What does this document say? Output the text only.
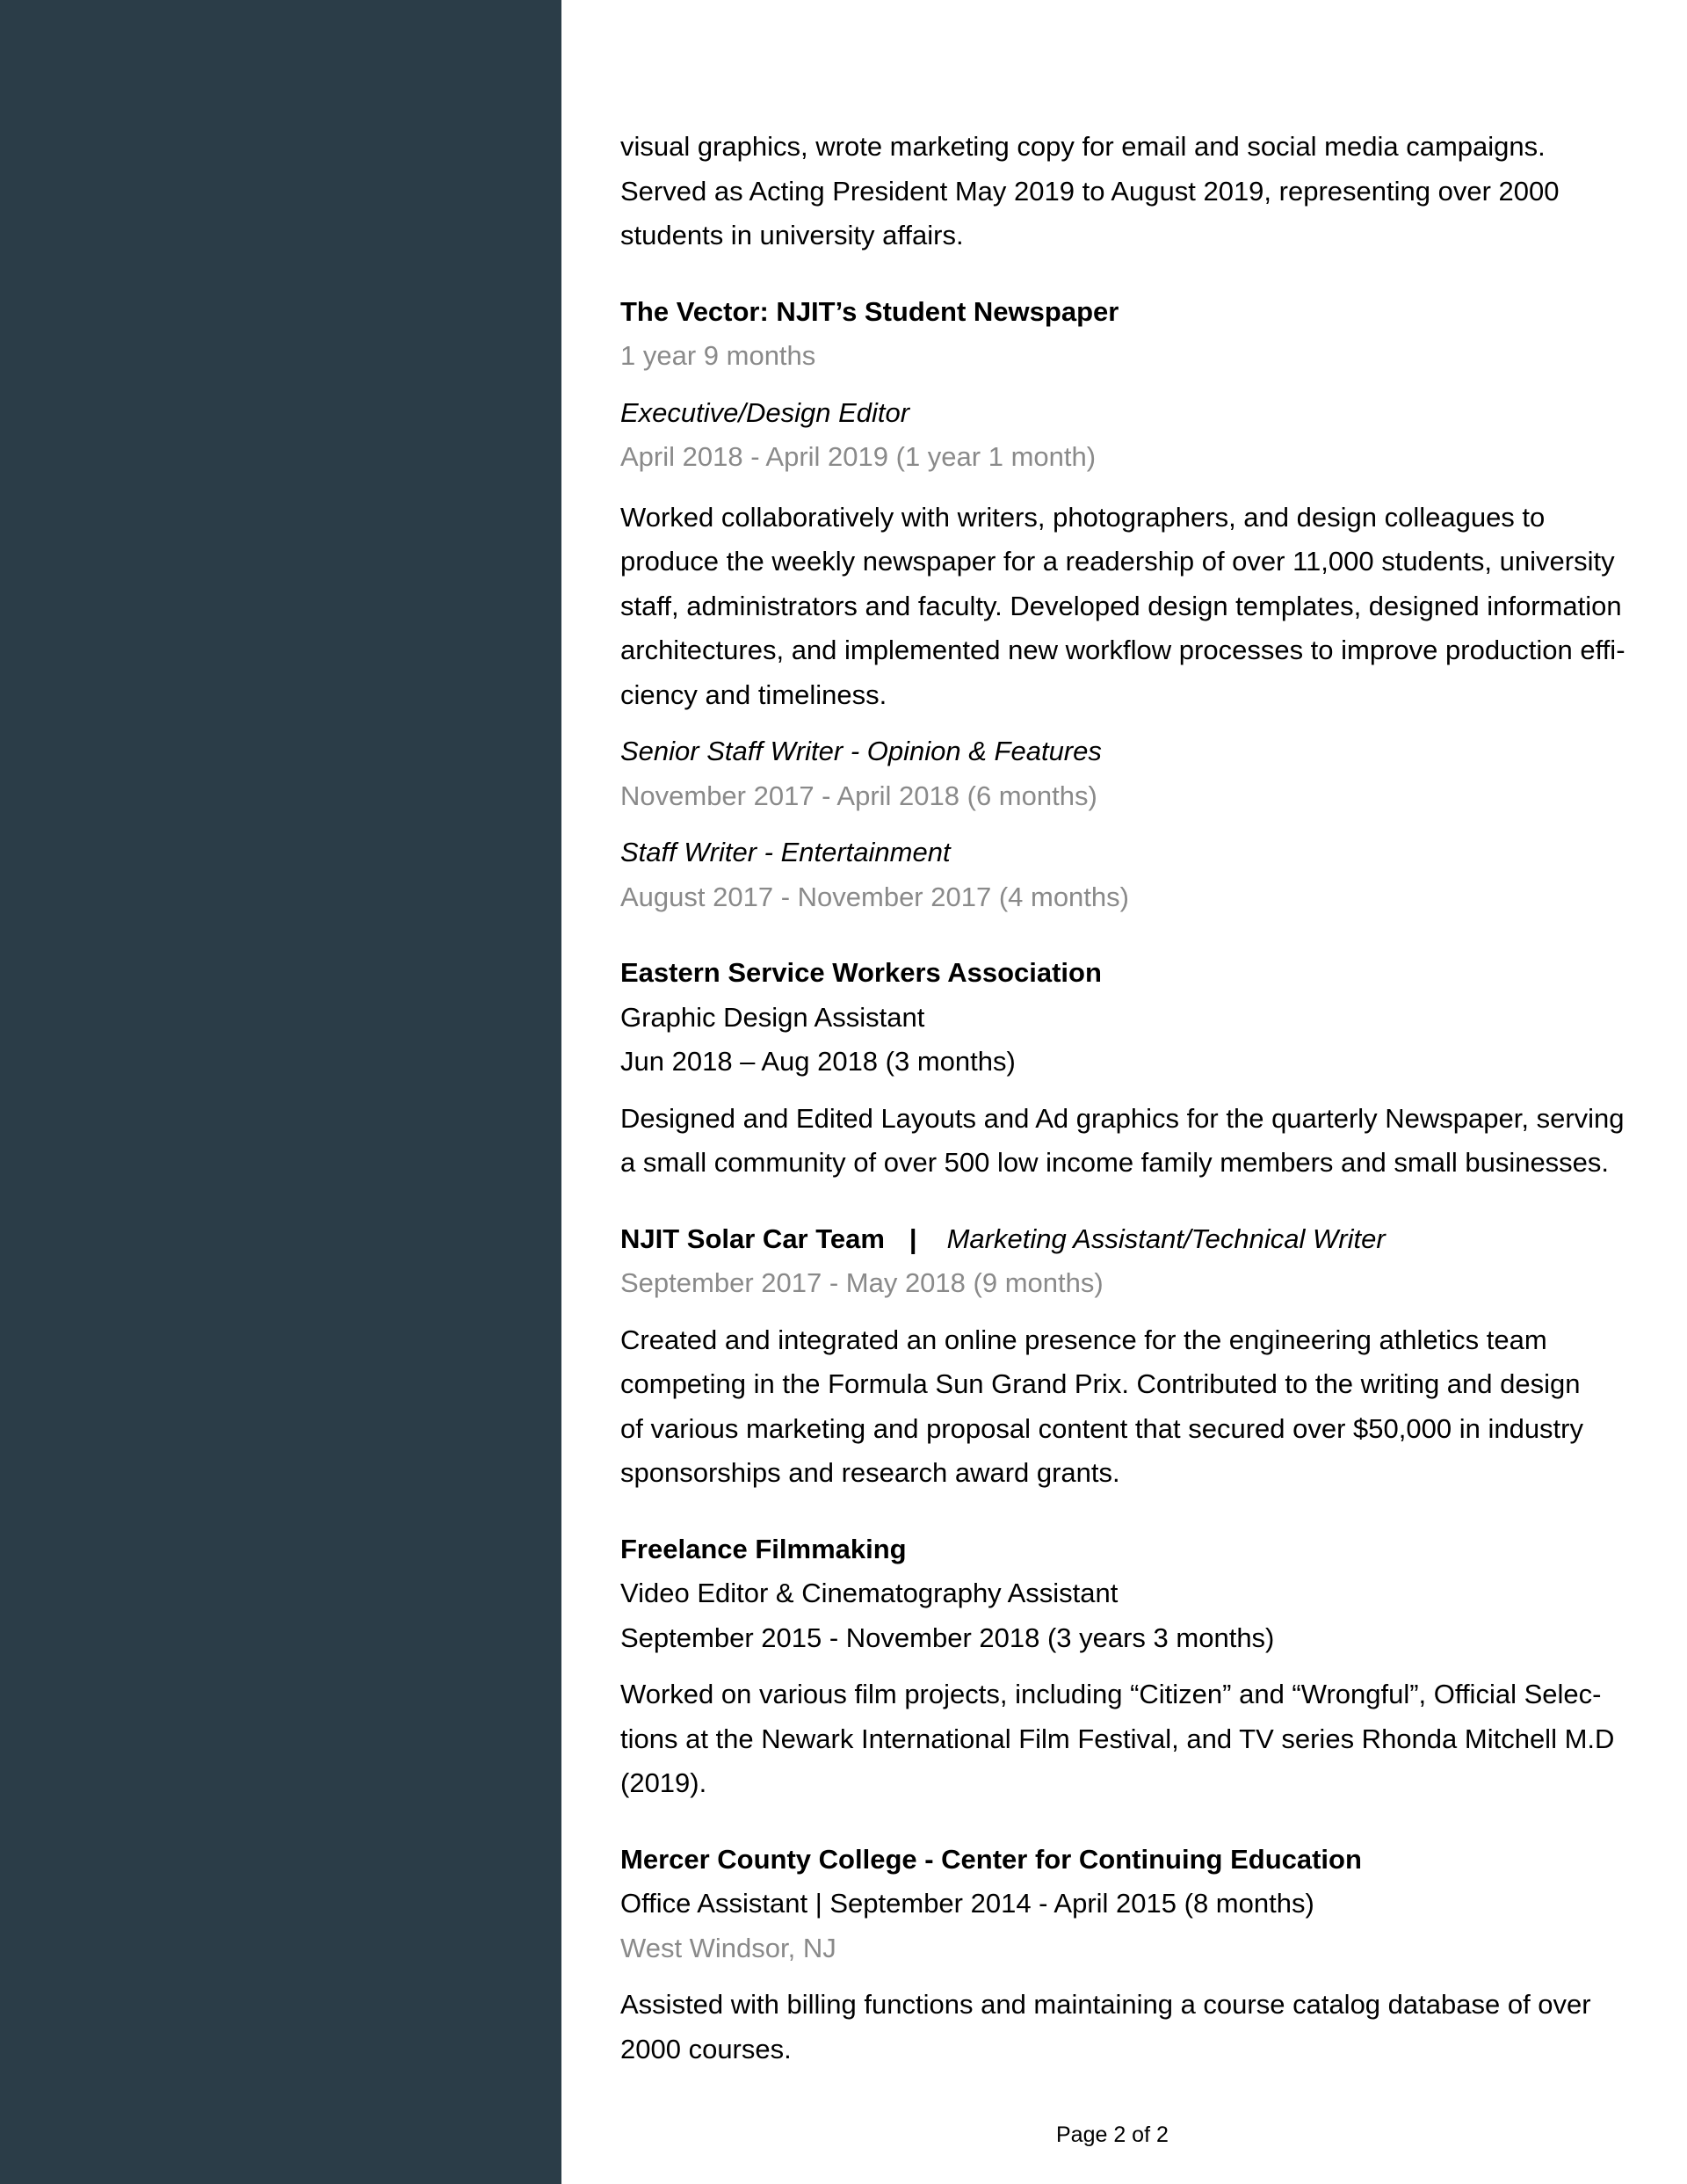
visual graphics, wrote marketing copy for email and social media campaigns.

Served as Acting President May 2019 to August 2019, representing over 2000

students in university affairs.

The Vector: NJIT’s Student Newspaper

1 year 9 months

Executive/Design Editor

April 2018 - April 2019 (1 year 1 month)

Worked collaboratively with writers, photographers, and design colleagues to

produce the weekly newspaper for a readership of over 11,000 students, university

staff, administrators and faculty. Developed design templates, designed information

architectures, and implemented new workflow processes to improve production effi-

ciency and timeliness.

Senior Staff Writer - Opinion & Features

November 2017 - April 2018 (6 months)

Staff Writer - Entertainment

August 2017 - November 2017 (4 months)

Eastern Service Workers Association

Graphic Design Assistant

Jun 2018 – Aug 2018 (3 months)

Designed and Edited Layouts and Ad graphics for the quarterly Newspaper, serving

a small community of over 500 low income family members and small businesses.

NJIT Solar Car Team | Marketing Assistant/Technical Writer

September 2017 - May 2018 (9 months)

Created and integrated an online presence for the engineering athletics team

competing in the Formula Sun Grand Prix. Contributed to the writing and design

of various marketing and proposal content that secured over $50,000 in industry

sponsorships and research award grants.

Freelance Filmmaking

Video Editor & Cinematography Assistant

September 2015 - November 2018 (3 years 3 months)

Worked on various film projects, including “Citizen” and “Wrongful”, Official Selec-

tions at the Newark International Film Festival, and TV series Rhonda Mitchell M.D

(2019).

Mercer County College - Center for Continuing Education

Office Assistant | September 2014 - April 2015 (8 months)

West Windsor, NJ

Assisted with billing functions and maintaining a course catalog database of over

2000 courses.

Page 2 of 2
